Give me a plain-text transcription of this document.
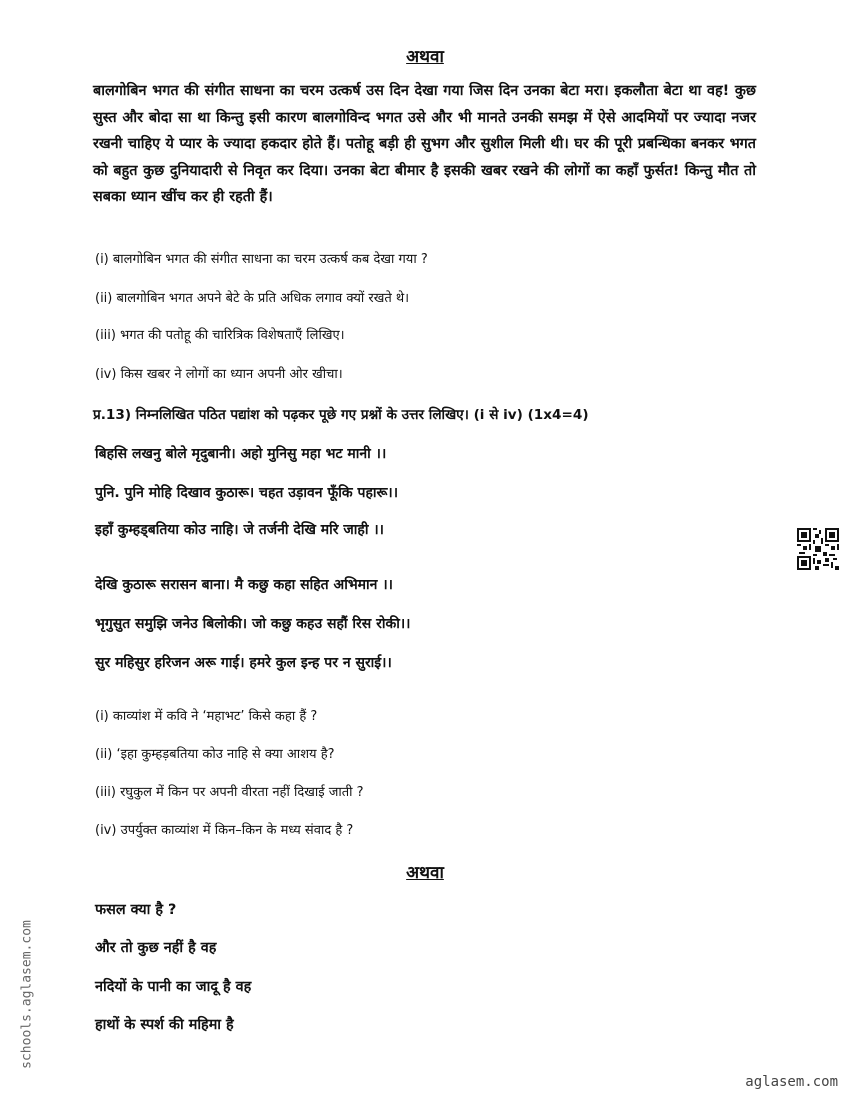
अथवा
बालगोबिन भगत की संगीत साधना का चरम उत्कर्ष उस दिन देखा गया जिस दिन उनका बेटा मरा। इकलौता बेटा था वह! कुछ सुस्त और बोदा सा था किन्तु इसी कारण बालगोविन्द भगत उसे और भी मानते उनकी समझ में ऐसे आदमियों पर ज्यादा नजर रखनी चाहिए ये प्यार के ज्यादा हकदार होते हैं। पतोहू बड़ी ही सुभग और सुशील मिली थी। घर की पूरी प्रबन्धिका बनकर भगत को बहुत कुछ दुनियादारी से निवृत कर दिया। उनका बेटा बीमार है इसकी खबर रखने की लोगों का कहाँ फुर्सत! किन्तु मौत तो सबका ध्यान खींच कर ही रहती हैं।
(i) बालगोबिन भगत की संगीत साधना का चरम उत्कर्ष कब देखा गया ?
(ii) बालगोबिन भगत अपने बेटे के प्रति अधिक लगाव क्यों रखते थे।
(iii) भगत की पतोहू की चारित्रिक विशेषताएँ लिखिए।
(iv) किस खबर ने लोगों का ध्यान अपनी ओर खीचा।
प्र.13) निम्नलिखित पठित पद्यांश को पढ़कर पूछे गए प्रश्नों के उत्तर लिखिए। (i से iv) (1x4=4)
बिहसि लखनु बोले मृदुबानी। अहो मुनिसु महा भट मानी ।।
पुनि. पुनि मोहि दिखाव कुठारू। चहत उड़ावन फूँकि पहारू।।
इहाँ कुम्हड्बतिया कोउ नाहि। जे तर्जनी देखि मरि जाही ।।
देखि कुठारू सरासन बाना। मै कछु कहा सहित अभिमान ।।
भृगुसुत समुझि जनेउ बिलोकी। जो कछु कहउ सहौं रिस रोकी।।
सुर महिसुर हरिजन अरू गाई। हमरे कुल इन्ह पर न सुराई।।
(i) काव्यांश में कवि ने ‘महाभट’ किसे कहा हैं ?
(ii) ‘इहा कुम्हड़बतिया कोउ नाहि से क्या आशय है?
(iii) रघुकुल में किन पर अपनी वीरता नहीं दिखाई जाती ?
(iv) उपर्युक्त काव्यांश में किन–किन के मध्य संवाद है ?
अथवा
फसल क्या है ?
और तो कुछ नहीं है वह
नदियों के पानी का जादू है वह
हाथों के स्पर्श की महिमा है
schools.aglasem.com
aglasem.com
